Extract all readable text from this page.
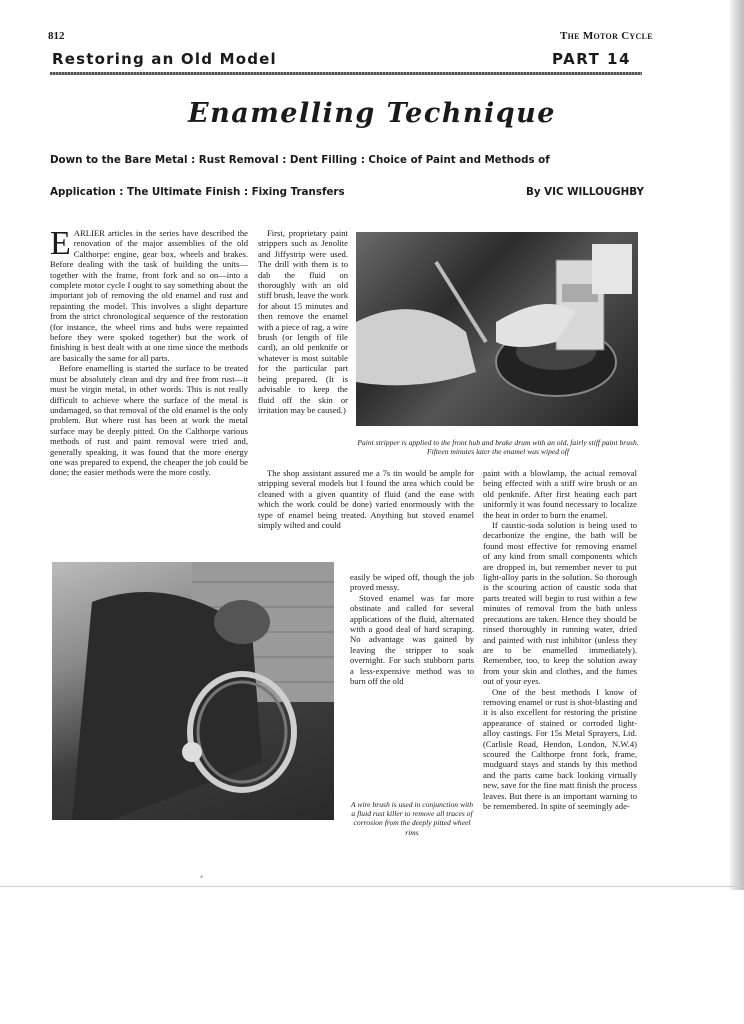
812	The Motor Cycle
Restoring an Old Model	PART 14
Enamelling Technique
Down to the Bare Metal : Rust Removal : Dent Filling : Choice of Paint and Methods of
Application : The Ultimate Finish : Fixing Transfers	By VIC WILLOUGHBY

EARLIER articles in the series have described the renovation of the major assemblies of the old Calthorpe: engine, gear box, wheels and brakes. Before dealing with the task of building the units—together with the frame, front fork and so on—into a complete motor cycle I ought to say something about the important job of removing the old enamel and rust and repainting the model. This involves a slight departure from the strict chronological sequence of the restoration (for instance, the wheel rims and hubs were repainted before they were spoked together) but the work of finishing is best dealt with at one time since the methods are basically the same for all parts.

Before enamelling is started the surface to be treated must be absolutely clean and dry and free from rust—it must be virgin metal, in other words. This is not really difficult to achieve where the surface of the metal is undamaged, so that removal of the old enamel is the only problem. But where rust has been at work the metal surface may be deeply pitted. On the Calthorpe various methods of rust and paint removal were tried and, generally speaking, it was found that the more energy one was prepared to expend, the cheaper the job could be done; the easier methods were the more costly.

First, proprietary paint strippers such as Jenolite and Jiffystrip were used. The drill with them is to dab the fluid on thoroughly with an old stiff brush, leave the work for about 15 minutes and then remove the enamel with a piece of rag, a wire brush (or length of file card), an old penknife or whatever is most suitable for the particular part being prepared. (It is advisable to keep the fluid off the skin or irritation may be caused.)

Paint stripper is applied to the front hub and brake drum with an old, fairly stiff paint brush. Fifteen minutes later the enamel was wiped off

The shop assistant assured me a 7s tin would be ample for stripping several models but I found the area which could be cleaned with a given quantity of fluid (and the ease with which the work could be done) varied enormously with the type of enamel being treated. Anything but stoved enamel simply wilted and could

easily be wiped off, though the job proved messy.

Stoved enamel was far more obstinate and called for several applications of the fluid, alternated with a good deal of hard scraping. No advantage was gained by leaving the stripper to soak overnight. For such stubborn parts a less-expensive method was to burn off the old

A wire brush is used in conjunction with a fluid rust killer to remove all traces of corrosion from the deeply pitted wheel rims

paint with a blowlamp, the actual removal being effected with a stiff wire brush or an old penknife. After first heating each part uniformly it was found necessary to localize the heat in order to burn the enamel.

If caustic-soda solution is being used to decarbonize the engine, the bath will be found most effective for removing enamel of any kind from small components which are dropped in, but remember never to put light-alloy parts in the solution. So thorough is the scouring action of caustic soda that parts treated will begin to rust within a few minutes of removal from the bath unless precautions are taken. Hence they should be rinsed thoroughly in running water, dried and painted with rust inhibitor (unless they are to be enamelled immediately). Remember, too, to keep the solution away from your skin and clothes, and the fumes out of your eyes.

One of the best methods I know of removing enamel or rust is shot-blasting and it is also excellent for restoring the pristine appearance of stained or corroded light-alloy castings. For 15s Metal Sprayers, Ltd. (Carlisle Road, Hendon, London, N.W.4) scoured the Calthorpe front fork, frame, mudguard stays and stands by this method and the parts came back looking virtually new, save for the fine matt finish the process leaves. But there is an important warning to be remembered. In spite of seemingly ade-

•
